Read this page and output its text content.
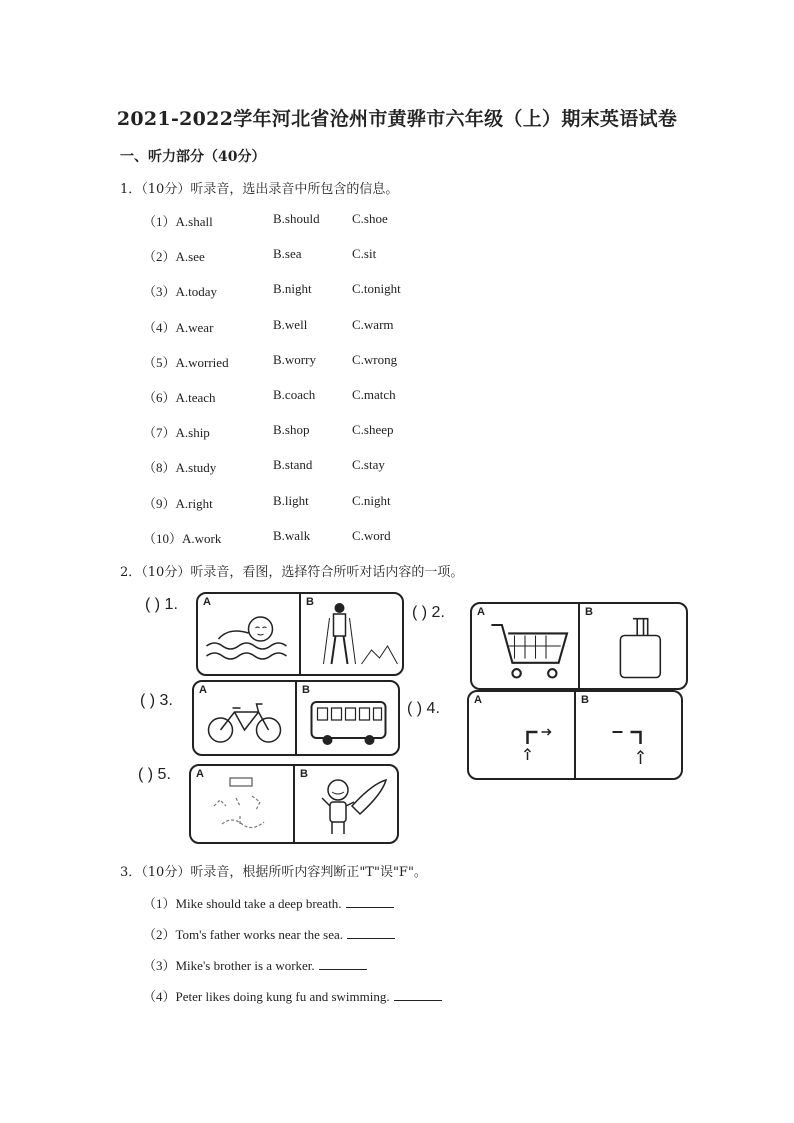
2021-2022学年河北省沧州市黄骅市六年级（上）期末英语试卷
一、听力部分（40分）
1．（10分）听录音，选出录音中所包含的信息。
（1）A.shall	B.should C.shoe
（2）A.see	B.sea	C.sit
（3）A.today	B.night	C.tonight
（4）A.wear	B.well	C.warm
（5）A.worried	B.worry	C.wrong
（6）A.teach	B.coach	C.match
（7）A.ship	B.shop	C.sheep
（8）A.study	B.stand	C.stay
（9）A.right	B.light	C.night
（10）A.work	B.walk	C.word
2．（10分）听录音，看图，选择符合所听对话内容的一项。
( ) 1. A	B
( ) 2.	A	B
( ) 3.
A	B
( ) 4.	A	B
( ) 5. A	B
3．（10分）听录音，根据所听内容判断正"T"误"F"。
（1）Mike should take a deep breath.
（2）Tom's father works near the sea.
（3）Mike's brother is a worker.
（4）Peter likes doing kung fu and swimming.
